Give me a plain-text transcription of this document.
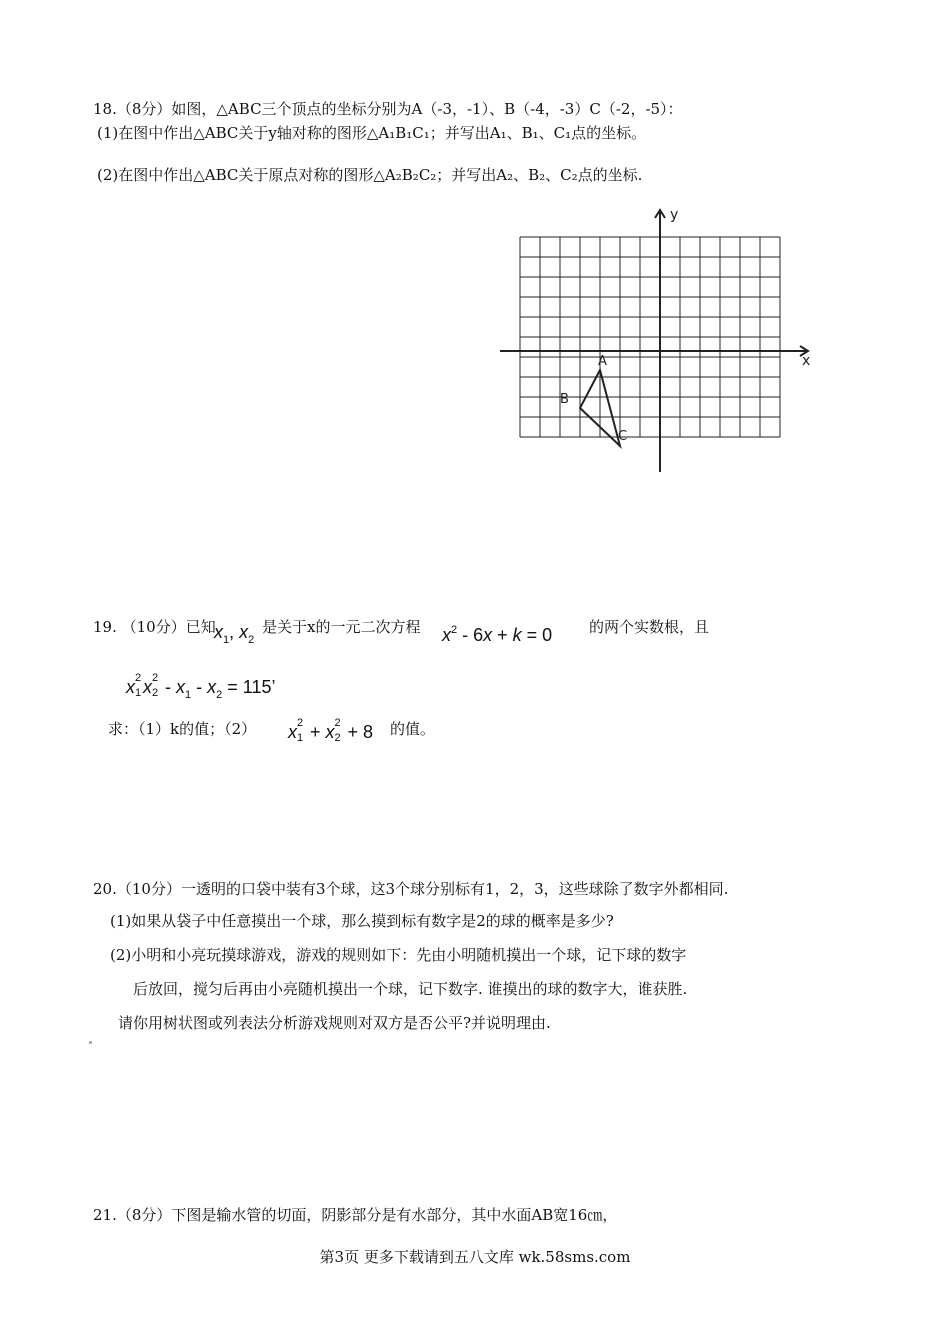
18.（8分）如图，△ABC三个顶点的坐标分别为A（-3，-1）、B（-4，-3）C（-2，-5）：
(1)在图中作出△ABC关于y轴对称的图形△A₁B₁C₁；并写出A₁、B₁、C₁点的坐标。
(2)在图中作出△ABC关于原点对称的图形△A₂B₂C₂；并写出A₂、B₂、C₂点的坐标.
x
y
A
B
C
19. （10分）已知
$x_1$, $x_2$
是关于x的一元二次方程 $x^2 - 6x + k = 0$ 的两个实数根，且
x 2
1 x 2
$2 - x_1 - x_2 = 115$’
求：（1）k的值；（2） x 2
1 + x 2
2 + 8 的值。
20.（10分）一透明的口袋中装有3个球，这3个球分别标有1，2，3，这些球除了数字外都相同.
(1)如果从袋子中任意摸出一个球，那么摸到标有数字是2的球的概率是多少?
(2)小明和小亮玩摸球游戏，游戏的规则如下：先由小明随机摸出一个球，记下球的数字
后放回，搅匀后再由小亮随机摸出一个球，记下数字. 谁摸出的球的数字大，谁获胜.
请你用树状图或列表法分析游戏规则对双方是否公平?并说明理由.
21.（8分）下图是输水管的切面，阴影部分是有水部分，其中水面AB宽16㎝，
第3页 更多下载请到五八文库 wk.58sms.com
